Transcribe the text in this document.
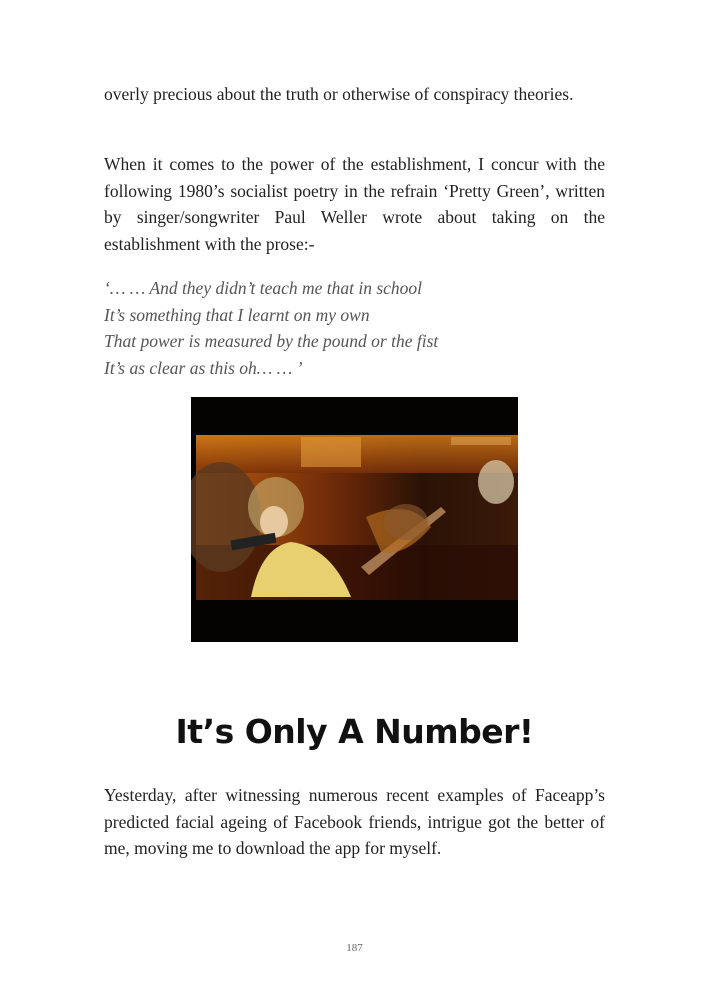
overly precious about the truth or otherwise of conspiracy theories.

When it comes to the power of the establishment, I concur with the following 1980’s socialist poetry in the refrain ‘Pretty Green’, written by singer/songwriter Paul Weller wrote about taking on the establishment with the prose:-

‘… … And they didn’t teach me that in school
It’s something that I learnt on my own
That power is measured by the pound or the fist
It’s as clear as this oh… … ’
It’s Only A Number!

Yesterday, after witnessing numerous recent examples of Faceapp’s predicted facial ageing of Facebook friends, intrigue got the better of me, moving me to download the app for myself.

187
